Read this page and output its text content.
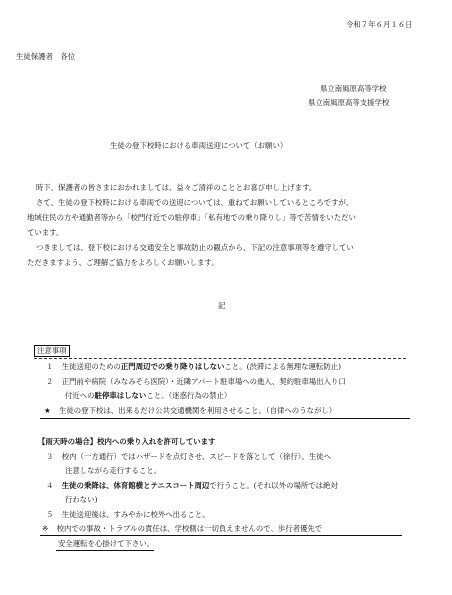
令和７年６月１６日
生徒保護者　各位
県立南風原高等学校
県立南風原高等支援学校
生徒の登下校時における車両送迎について（お願い）
時下、保護者の皆さまにおかれましては、益々ご清祥のこととお喜び申し上げます。
さて、生徒の登下校時における車両での送迎については、重ねてお願いしているところですが、
地域住民の方や通勤者等から「校門付近での駐停車」「私有地での乗り降りし」等で苦情をいただい
ています。
つきましては、登下校における交通安全と事故防止の観点から、下記の注意事項等を遵守してい
ただきますよう、ご理解ご協力をよろしくお願いします。
記
注意事項
１ 生徒送迎のための正門周辺での乗り降りはしないこと。(渋滞による無理な運転防止)
２ 正門前や病院（みなみそら医院）・近隣アパート駐車場への進入、契約駐車場出入り口
付近への駐停車はしないこと。（迷惑行為の禁止）
★ 生徒の登下校は、出来るだけ公共交通機関を利用させること。（自律へのうながし）
【雨天時の場合】校内への乗り入れを許可しています
３ 校内（一方通行）ではハザードを点灯させ、スピードを落として（徐行）、生徒へ
注意しながら走行すること。
４ 生徒の乗降は、体育館横とテニスコート周辺で行うこと。(それ以外の場所では絶対
行わない)
５ 生徒送迎後は、すみやかに校外へ出ること。
※ 校内での事故・トラブルの責任は、学校側は一切負えませんので、歩行者優先で
安全運転を心掛けて下さい。
